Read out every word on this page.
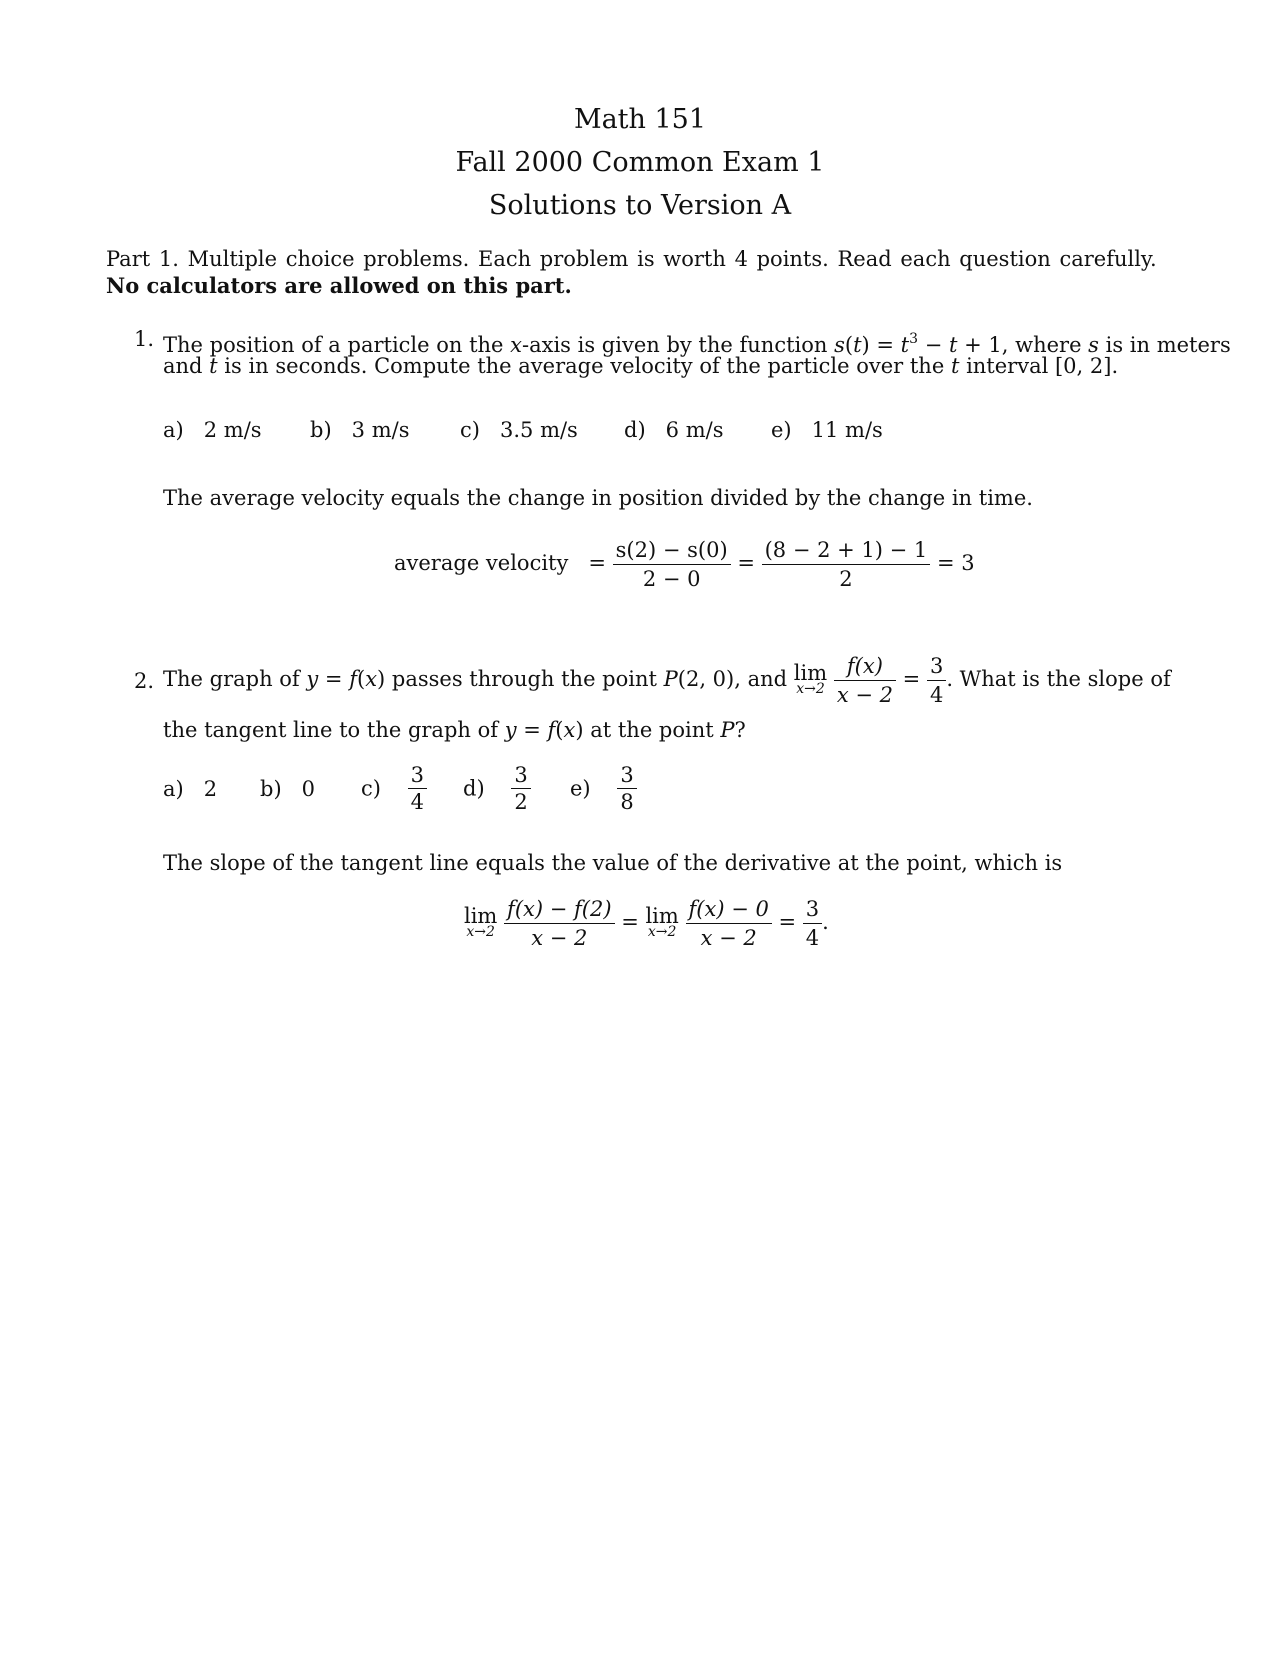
Math 151
Fall 2000 Common Exam 1
Solutions to Version A
Part 1. Multiple choice problems. Each problem is worth 4 points. Read each question carefully.
No calculators are allowed on this part.
1. The position of a particle on the x-axis is given by the function $s(t) = t^3 - t + 1$, where s is in meters
and t is in seconds. Compute the average velocity of the particle over the t interval [0, 2].
a) 2 m/s b) 3 m/s c) 3.5 m/s d) 6 m/s e) 11 m/s
The average velocity equals the change in position divided by the change in time.
average velocity   = $\frac{s(2) - s(0)}{2 - 0} = \frac{(8 - 2 + 1) - 1}{2} = 3$
2. The graph of y = f(x) passes through the point P(2, 0), and lim
x→2
$\frac{f(x)}{x - 2} = \frac{3}{4}$ . What is the slope of
the tangent line to the graph of y = f(x) at the point P?
a) 2 b) 0 $c) \frac{3}{4} d) \frac{3}{2} e) \frac{3}{8}$
The slope of the tangent line equals the value of the derivative at the point, which is
lim
x→2
$\frac{f(x) - f(2)}{x - 2} = \lim$
x→2
$\frac{f(x) - 0}{x - 2} = \frac{3}{4}$ .
